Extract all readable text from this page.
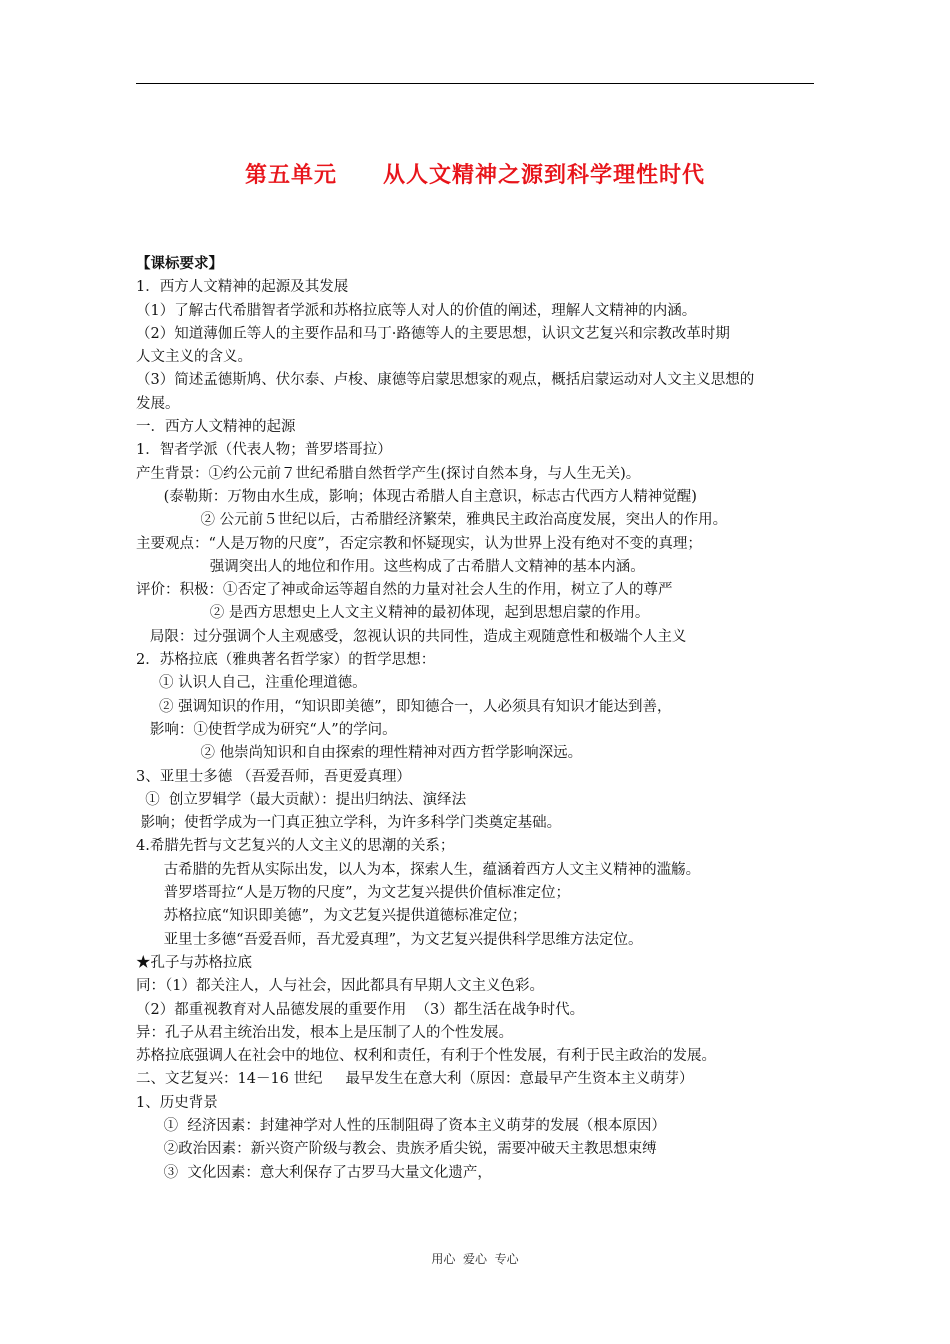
第五单元　　从人文精神之源到科学理性时代
【课标要求】
1．西方人文精神的起源及其发展
（1）了解古代希腊智者学派和苏格拉底等人对人的价值的阐述，理解人文精神的内涵。
（2）知道薄伽丘等人的主要作品和马丁·路德等人的主要思想，认识文艺复兴和宗教改革时期
人文主义的含义。
（3）简述孟德斯鸠、伏尔泰、卢梭、康德等启蒙思想家的观点，概括启蒙运动对人文主义思想的
发展。
一．西方人文精神的起源
1．智者学派（代表人物；普罗塔哥拉）
产生背景：①约公元前７世纪希腊自然哲学产生(探讨自然本身，与人生无关)。
(泰勒斯：万物由水生成，影响；体现古希腊人自主意识，标志古代西方人精神觉醒)
② 公元前５世纪以后，古希腊经济繁荣，雅典民主政治高度发展，突出人的作用。
主要观点：“人是万物的尺度”，否定宗教和怀疑现实，认为世界上没有绝对不变的真理；
强调突出人的地位和作用。这些构成了古希腊人文精神的基本内涵。
评价：积极：①否定了神或命运等超自然的力量对社会人生的作用，树立了人的尊严
② 是西方思想史上人文主义精神的最初体现，起到思想启蒙的作用。
局限：过分强调个人主观感受，忽视认识的共同性，造成主观随意性和极端个人主义
2．苏格拉底（雅典著名哲学家）的哲学思想：
① 认识人自己，注重伦理道德。
② 强调知识的作用，“知识即美德”，即知德合一，人必须具有知识才能达到善，
影响：①使哲学成为研究“人”的学问。
② 他崇尚知识和自由探索的理性精神对西方哲学影响深远。
3、亚里士多德 （吾爱吾师，吾更爱真理）
①  创立罗辑学（最大贡献）：提出归纳法、演绎法
影响；使哲学成为一门真正独立学科，为许多科学门类奠定基础。
4.希腊先哲与文艺复兴的人文主义的思潮的关系；
古希腊的先哲从实际出发，以人为本，探索人生，蕴涵着西方人文主义精神的滥觞。
普罗塔哥拉“人是万物的尺度”，为文艺复兴提供价值标准定位；
苏格拉底“知识即美德”，为文艺复兴提供道德标准定位；
亚里士多德“吾爱吾师，吾尤爱真理”，为文艺复兴提供科学思维方法定位。
★孔子与苏格拉底
同：（1）都关注人，人与社会，因此都具有早期人文主义色彩。
（2）都重视教育对人品德发展的重要作用  （3）都生活在战争时代。
异：孔子从君主统治出发，根本上是压制了人的个性发展。
苏格拉底强调人在社会中的地位、权利和责任，有利于个性发展，有利于民主政治的发展。
二、文艺复兴：14－16 世纪     最早发生在意大利（原因：意最早产生资本主义萌芽）
1、历史背景
①  经济因素：封建神学对人性的压制阻碍了资本主义萌芽的发展（根本原因）
②政治因素：新兴资产阶级与教会、贵族矛盾尖锐，需要冲破天主教思想束缚
③  文化因素：意大利保存了古罗马大量文化遗产，
用心  爱心  专心
